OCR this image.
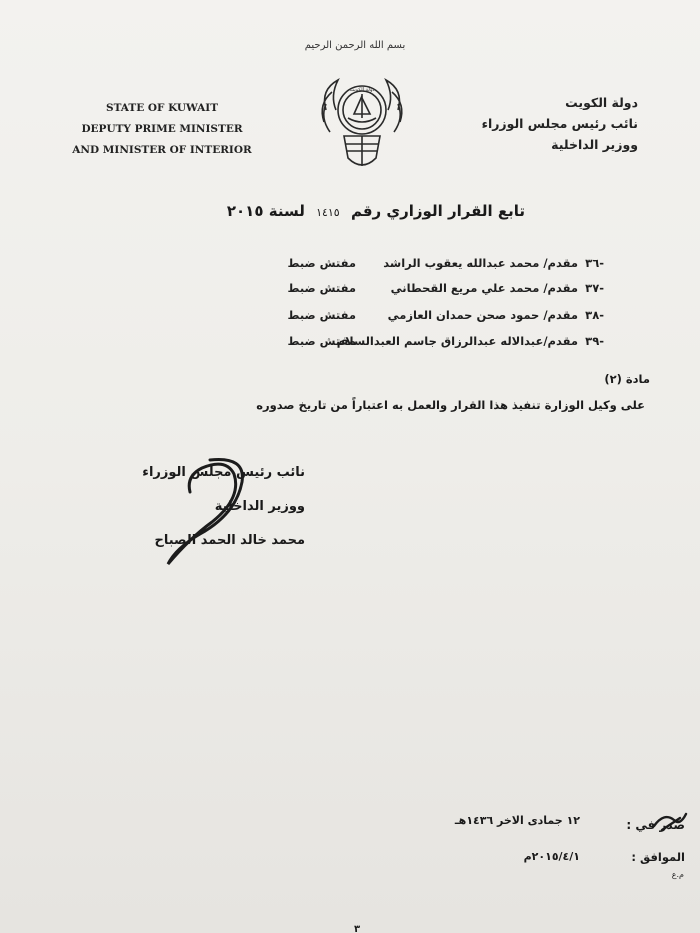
بسم الله الرحمن الرحيم
STATE OF KUWAIT
DEPUTY PRIME MINISTER
AND MINISTER OF INTERIOR
دولة الكويت
دولة الكويت
نائب رئيس مجلس الوزراء
ووزير الداخلية
تابع القرار الوزاري رقم ١٤١٥ لسنة ٢٠١٥
-٣٦
مقدم/ محمد عبدالله يعقوب الراشد
مفتش ضبط
-٣٧
مقدم/ محمد علي مريع القحطاني
مفتش ضبط
-٣٨
مقدم/ حمود صحن حمدان العازمي
مفتش ضبط
-٣٩
مقدم/عبدالاله عبدالرزاق جاسم العبدالسلام
مفتش ضبط
مادة (٢)
على وكيل الوزارة تنفيذ هذا القرار والعمل به اعتباراً من تاريخ صدوره
نائب رئيس مجلس الوزراء
ووزير الداخلية
محمد خالد الحمد الصباح
صدر في :
١٢ جمادى الاخر ١٤٣٦هـ
الموافق :
٢٠١٥/٤/١م
م.ع
٣
